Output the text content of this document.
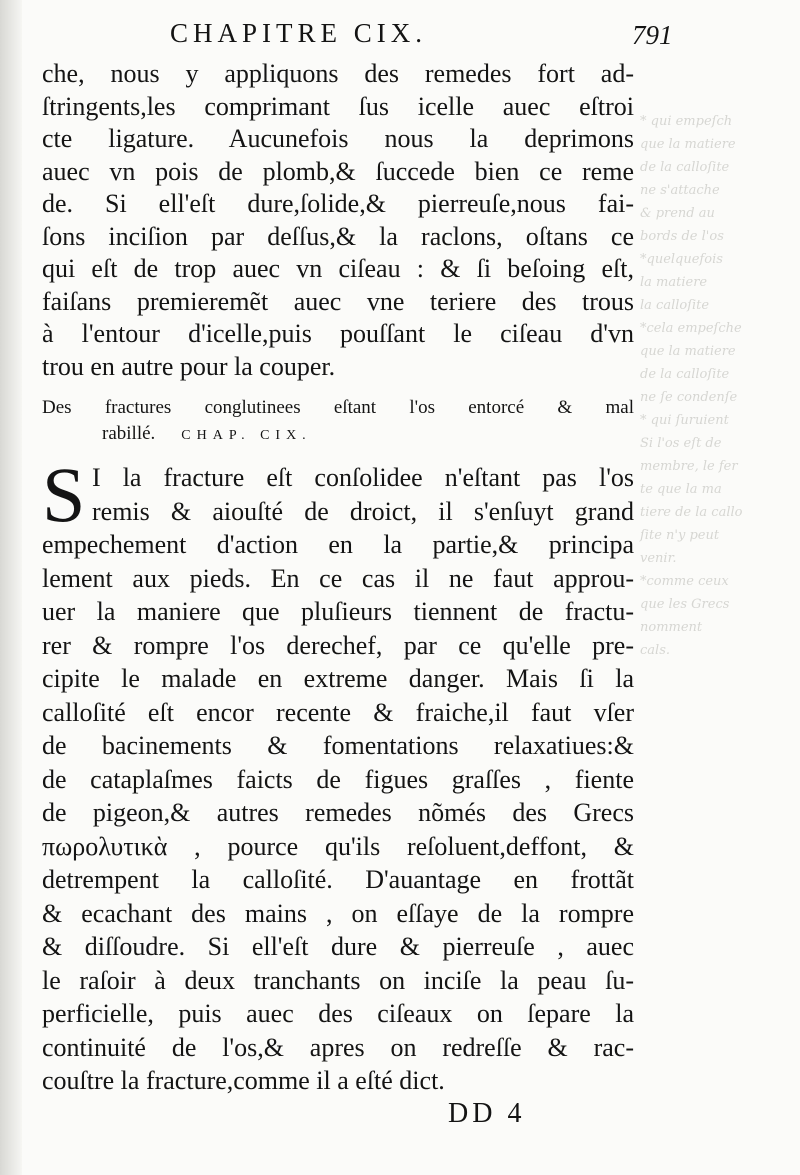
* qui empeſch
que la matiere
de la calloſite
ne s'attache
& prend au
bords de l'os
*quelquefois
la matiere
la calloſite
*cela empeſche
que la matiere
de la calloſite
ne ſe condenſe
* qui ſuruient
Si l'os eſt de
membre, le fer
te que la ma
tiere de la callo
ſite n'y peut
venir.
*comme ceux
que les Grecs
nomment
cals.
CHAPITRE CIX.	791
che, nous y appliquons des remedes fort ad-
ſtringents,les comprimant ſus icelle auec eſtroi
cte ligature. Aucunefois nous la deprimons
auec vn pois de plomb,& ſuccede bien ce reme
de. Si ell'eſt dure,ſolide,& pierreuſe,nous fai-
ſons inciſion par deſſus,& la raclons, oſtans ce
qui eſt de trop auec vn ciſeau : & ſi beſoing eſt,
faiſans premieremẽt auec vne teriere des trous
à l'entour d'icelle,puis pouſſant le ciſeau d'vn
trou en autre pour la couper.
Des fractures conglutinees eſtant l'os entorcé & mal
rabillé. CHAP. CIX.
S I la fracture eſt conſolidee n'eſtant pas l'os
remis & aiouſté de droict, il s'enſuyt grand
empechement d'action en la partie,& principa
lement aux pieds. En ce cas il ne faut approu-
uer la maniere que pluſieurs tiennent de fractu-
rer & rompre l'os derechef, par ce qu'elle pre-
cipite le malade en extreme danger. Mais ſi la
calloſité eſt encor recente & fraiche,il faut vſer
de bacinements & fomentations relaxatiues:&
de cataplaſmes faicts de figues graſſes , fiente
de pigeon,& autres remedes nõmés des Grecs
πωρολυτικὰ , pource qu'ils reſoluent,deffont, &
detrempent la calloſité. D'auantage en frottãt
& ecachant des mains , on eſſaye de la rompre
& diſſoudre. Si ell'eſt dure & pierreuſe , auec
le raſoir à deux tranchants on inciſe la peau ſu-
perficielle, puis auec des ciſeaux on ſepare la
continuité de l'os,& apres on redreſſe & rac-
couſtre la fracture,comme il a eſté dict.
DD 4
